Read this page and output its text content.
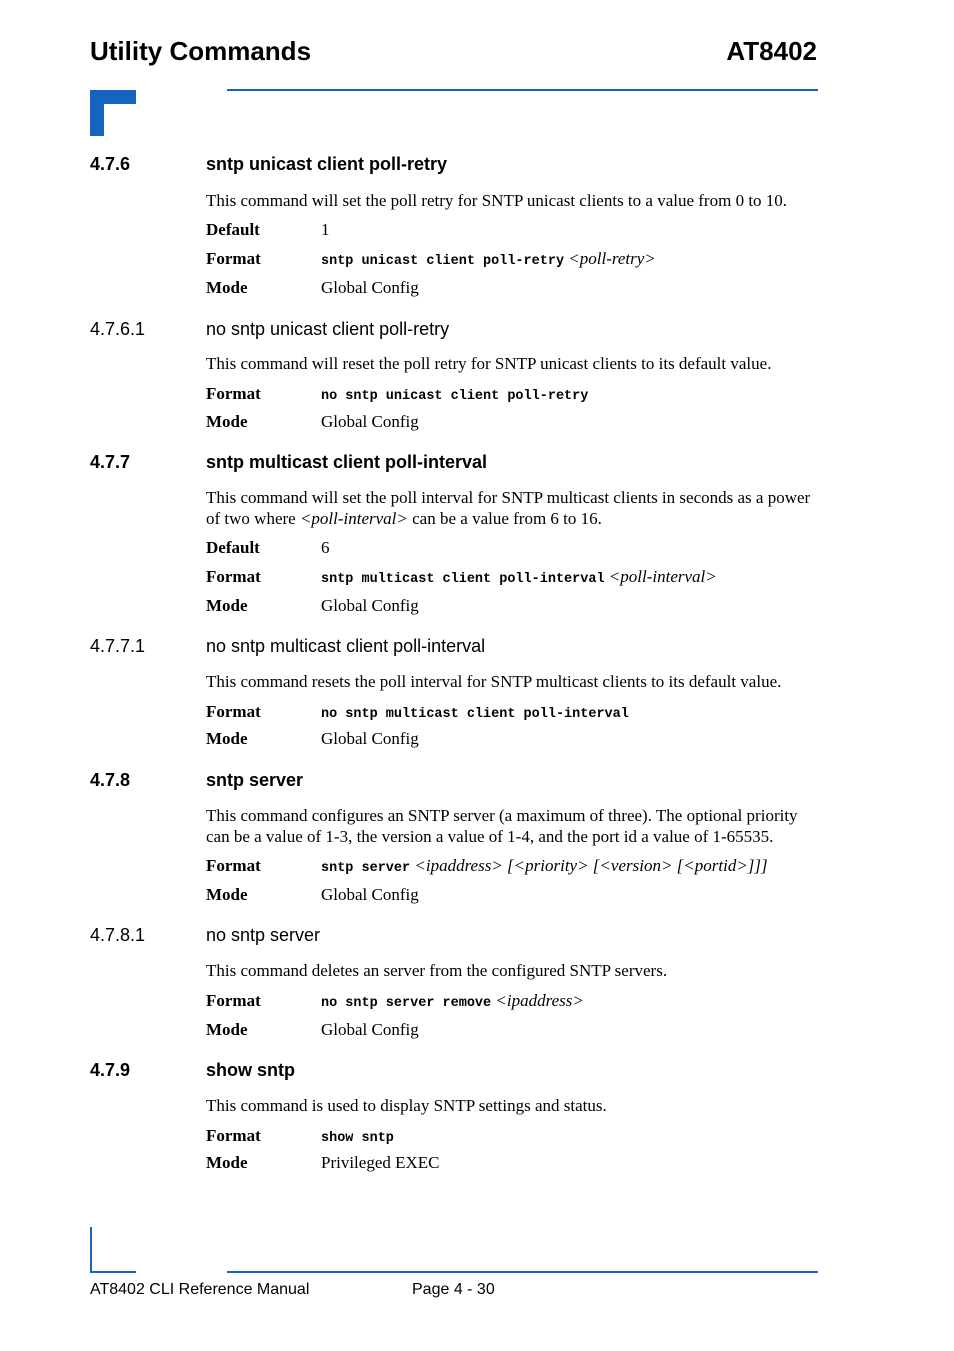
Utility Commands	AT8402
4.7.6	sntp unicast client poll-retry
This command will set the poll retry for SNTP unicast clients to a value from 0 to 10.
Default	1
Format	sntp unicast client poll-retry <poll-retry>
Mode	Global Config
4.7.6.1	no sntp unicast client poll-retry
This command will reset the poll retry for SNTP unicast clients to its default value.
Format	no sntp unicast client poll-retry
Mode	Global Config
4.7.7	sntp multicast client poll-interval
This command will set the poll interval for SNTP multicast clients in seconds as a power of two where <poll-interval> can be a value from 6 to 16.
Default	6
Format	sntp multicast client poll-interval <poll-interval>
Mode	Global Config
4.7.7.1	no sntp multicast client poll-interval
This command resets the poll interval for SNTP multicast clients to its default value.
Format	no sntp multicast client poll-interval
Mode	Global Config
4.7.8	sntp server
This command configures an SNTP server (a maximum of three). The optional priority can be a value of 1-3, the version a value of 1-4, and the port id a value of 1-65535.
Format	sntp server <ipaddress> [<priority> [<version> [<portid>]]]
Mode	Global Config
4.7.8.1	no sntp server
This command deletes an server from the configured SNTP servers.
Format	no sntp server remove <ipaddress>
Mode	Global Config
4.7.9	show sntp
This command is used to display SNTP settings and status.
Format	show sntp
Mode	Privileged EXEC
AT8402 CLI Reference Manual	Page 4 - 30
